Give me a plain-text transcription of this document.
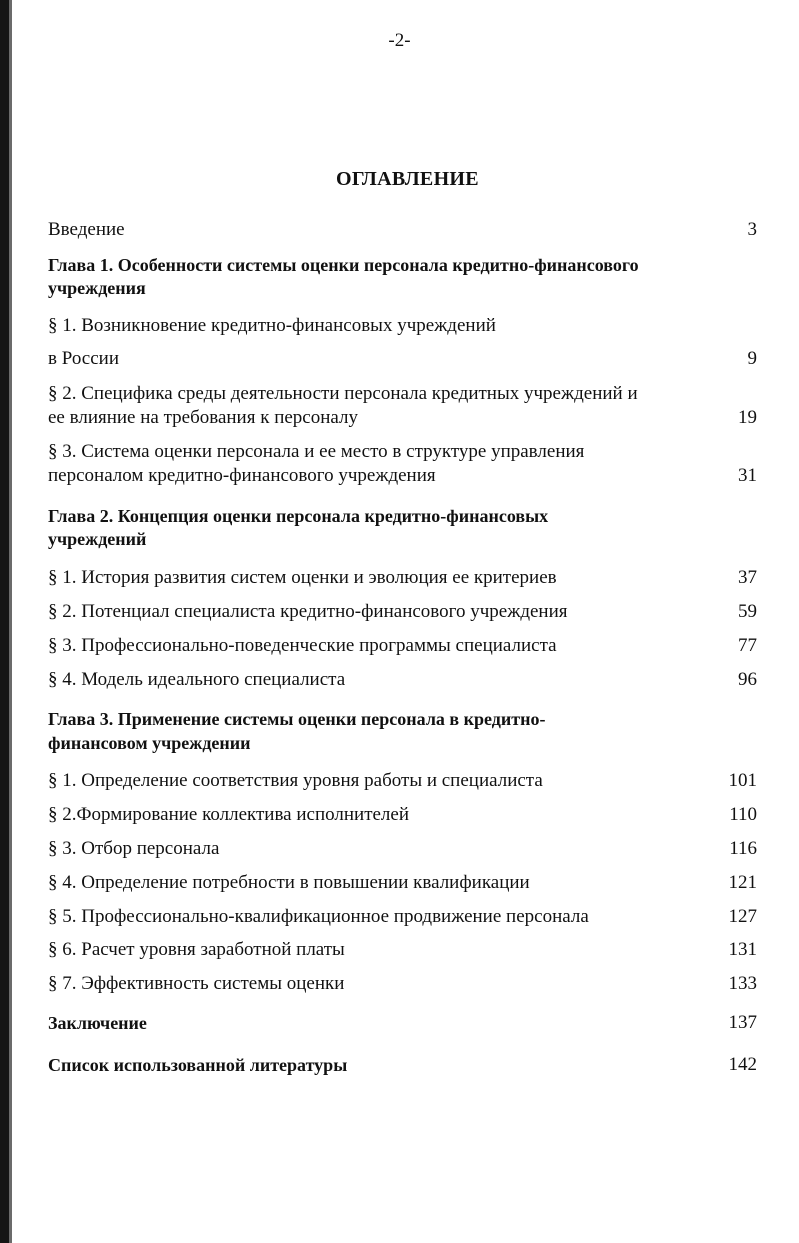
-2-
ОГЛАВЛЕНИЕ
Введение	3
Глава 1. Особенности системы оценки персонала кредитно-финансового
учреждения
§ 1. Возникновение кредитно-финансовых учреждений
в России	9
§ 2. Специфика среды деятельности персонала кредитных учреждений и
ее влияние на требования к персоналу	19
§ 3. Система оценки персонала и ее место в структуре управления
персоналом кредитно-финансового учреждения	31
Глава 2. Концепция оценки персонала кредитно-финансовых
учреждений
§ 1. История развития систем оценки и эволюция ее критериев	37
§ 2. Потенциал специалиста кредитно-финансового учреждения	59
§ 3. Профессионально-поведенческие программы специалиста	77
§ 4. Модель идеального специалиста	96
Глава 3. Применение системы оценки персонала в кредитно-
финансовом учреждении
§ 1. Определение соответствия уровня работы и специалиста	101
§ 2.Формирование коллектива исполнителей	110
§ 3. Отбор персонала	116
§ 4. Определение потребности в повышении квалификации	121
§ 5. Профессионально-квалификационное продвижение персонала	127
§ 6. Расчет уровня заработной платы	131
§ 7. Эффективность системы оценки	133
Заключение	137
Список использованной литературы	142
